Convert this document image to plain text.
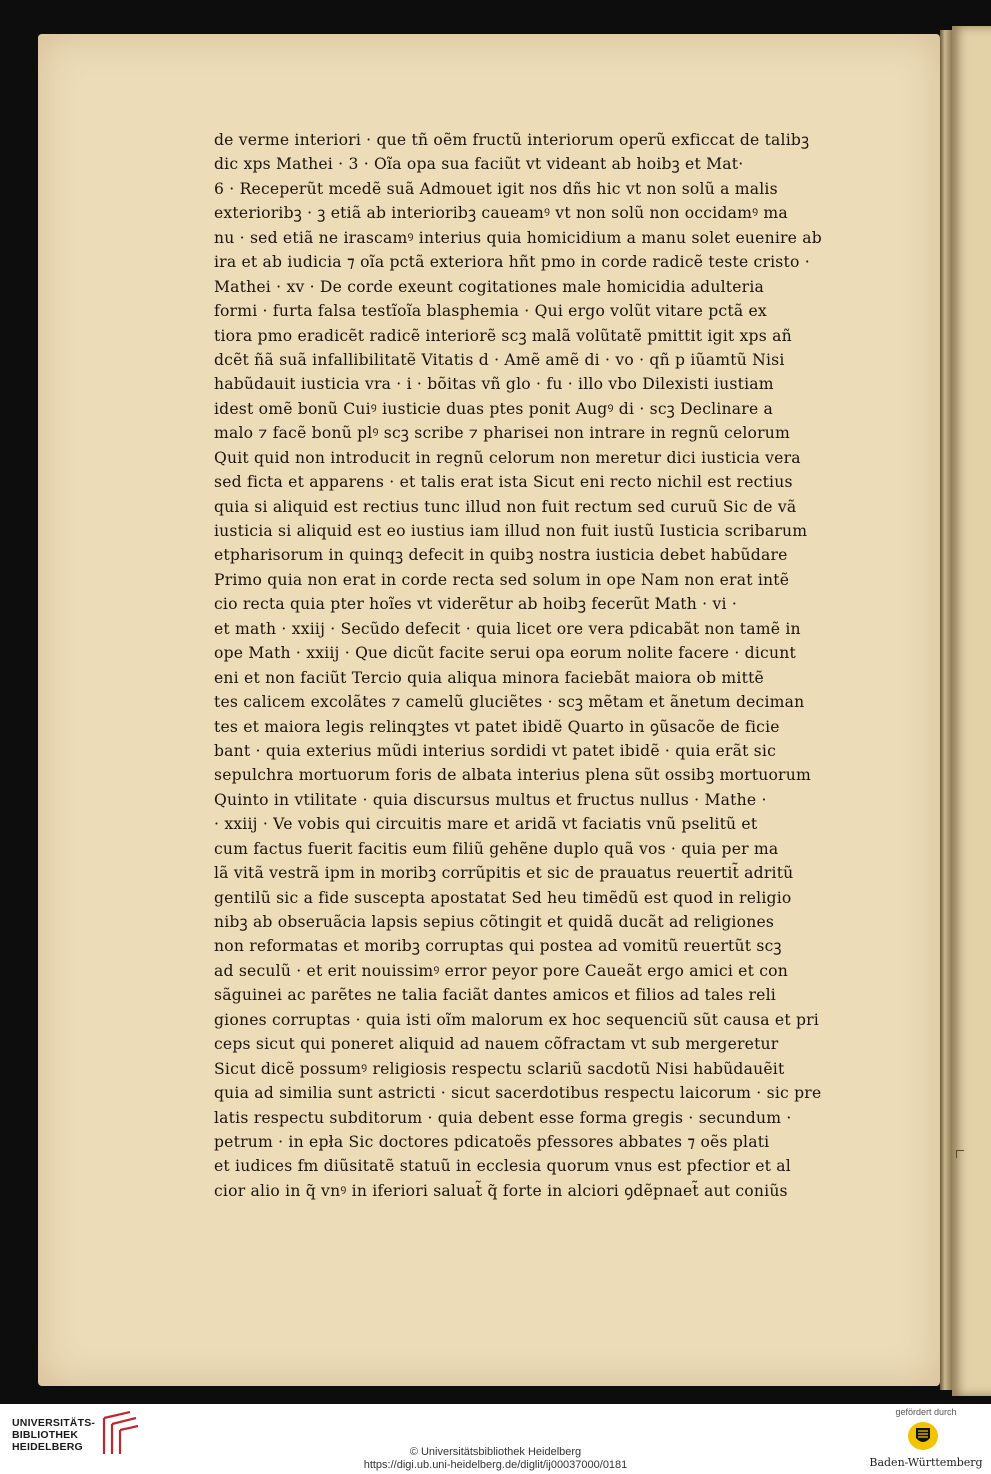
de verme interiori · que tñ oẽm fructũ interiorum operũ exficcat de talibꝫ
dic xps Mathei · 3 · Oĩa opa sua faciũt vt videant ab hoibꝫ et Mat·
6 · Receperũt mcedẽ suã Admouet igit nos dñs hic vt non solũ a malis
exterioribꝫ · ꝫ etiã ab interioribꝫ caueamꝰ vt non solũ non occidamꝰ ma
nu · sed etiã ne irascamꝰ interius quia homicidium a manu solet euenire ab
ira et ab iudicia ⁊ oĩa pctã exteriora hñt pmo in corde radicẽ teste cristo ·
Mathei · xv · De corde exeunt cogitationes male homicidia adulteria
formi · furta falsa testĩoĩa blasphemia · Qui ergo volũt vitare pctã ex
tiora pmo eradicẽt radicẽ interiorẽ scꝫ malã volũtatẽ pmittit igit xps añ
dcẽt ñã suã infallibilitatẽ Vitatis d · Amẽ amẽ di · vo · qñ p iũamtũ Nisi
habũdauit iusticia vra · i · bõitas vñ glo · fu · illo vbo Dilexisti iustiam
idest omẽ bonũ Cuiꝰ iusticie duas ptes ponit Augꝰ di · scꝫ Declinare a
malo ⁊ facẽ bonũ plꝰ scꝫ scribe ⁊ pharisei non intrare in regnũ celorum
Quit quid non introducit in regnũ celorum non meretur dici iusticia vera
sed ficta et apparens · et talis erat ista Sicut eni recto nichil est rectius
quia si aliquid est rectius tunc illud non fuit rectum sed curuũ Sic de vã
iusticia si aliquid est eo iustius iam illud non fuit iustũ Iusticia scribarum
etpharisorum in quinqꝫ defecit in quibꝫ nostra iusticia debet habũdare
Primo quia non erat in corde recta sed solum in ope Nam non erat intẽ
cio recta quia pter hoĩes vt viderẽtur ab hoibꝫ fecerũt Math · vi ·
et math · xxiij · Secũdo defecit · quia licet ore vera pdicabãt non tamẽ in
ope Math · xxiij · Que dicũt facite serui opa eorum nolite facere · dicunt
eni et non faciũt Tercio quia aliqua minora faciebãt maiora ob mittẽ
tes calicem excolãtes ⁊ camelũ gluciẽtes · scꝫ mẽtam et ãnetum deciman
tes et maiora legis relinqꝫtes vt patet ibidẽ Quarto in ꝯũsacõe de ficie
bant · quia exterius mũdi interius sordidi vt patet ibidẽ · quia erãt sic
sepulchra mortuorum foris de albata interius plena sũt ossibꝫ mortuorum
Quinto in vtilitate · quia discursus multus et fructus nullus · Mathe ·
· xxiij · Ve vobis qui circuitis mare et aridã vt faciatis vnũ pselitũ et
cum factus fuerit facitis eum filiũ gehẽne duplo quã vos · quia per ma
lã vitã vestrã ipm in moribꝫ corrũpitis et sic de prauatus reuertit̃ adritũ
gentilũ sic a fide suscepta apostatat Sed heu timẽdũ est quod in religio
nibꝫ ab obseruãcia lapsis sepius cõtingit et quidã ducãt ad religiones
non reformatas et moribꝫ corruptas qui postea ad vomitũ reuertũt scꝫ
ad seculũ · et erit nouissimꝰ error peyor pore Caueãt ergo amici et con
sãguinei ac parẽtes ne talia faciãt dantes amicos et filios ad tales reli
giones corruptas · quia isti oĩm malorum ex hoc sequenciũ sũt causa et pri
ceps sicut qui poneret aliquid ad nauem cõfractam vt sub mergeretur
Sicut dicẽ possumꝰ religiosis respectu sclariũ sacdotũ Nisi habũdauẽit
quia ad similia sunt astricti · sicut sacerdotibus respectu laicorum · sic pre
latis respectu subditorum · quia debent esse forma gregis · secundum ·
petrum · in epła Sic doctores pdicatoẽs pfessores abbates ⁊ oẽs plati
et iudices fm diũsitatẽ statuũ in ecclesia quorum vnus est pfectior et al
cior alio in q̃ vnꝰ in iferiori saluat̃ q̃ forte in alciori ꝯdẽpnaet̃ aut coniũs
UNIVERSITÄTS-
BIBLIOTHEK
HEIDELBERG	© Universitätsbibliothek Heidelberg
https://digi.ub.uni-heidelberg.de/diglit/ij00037000/0181
gefördert durch
Baden-Württemberg
